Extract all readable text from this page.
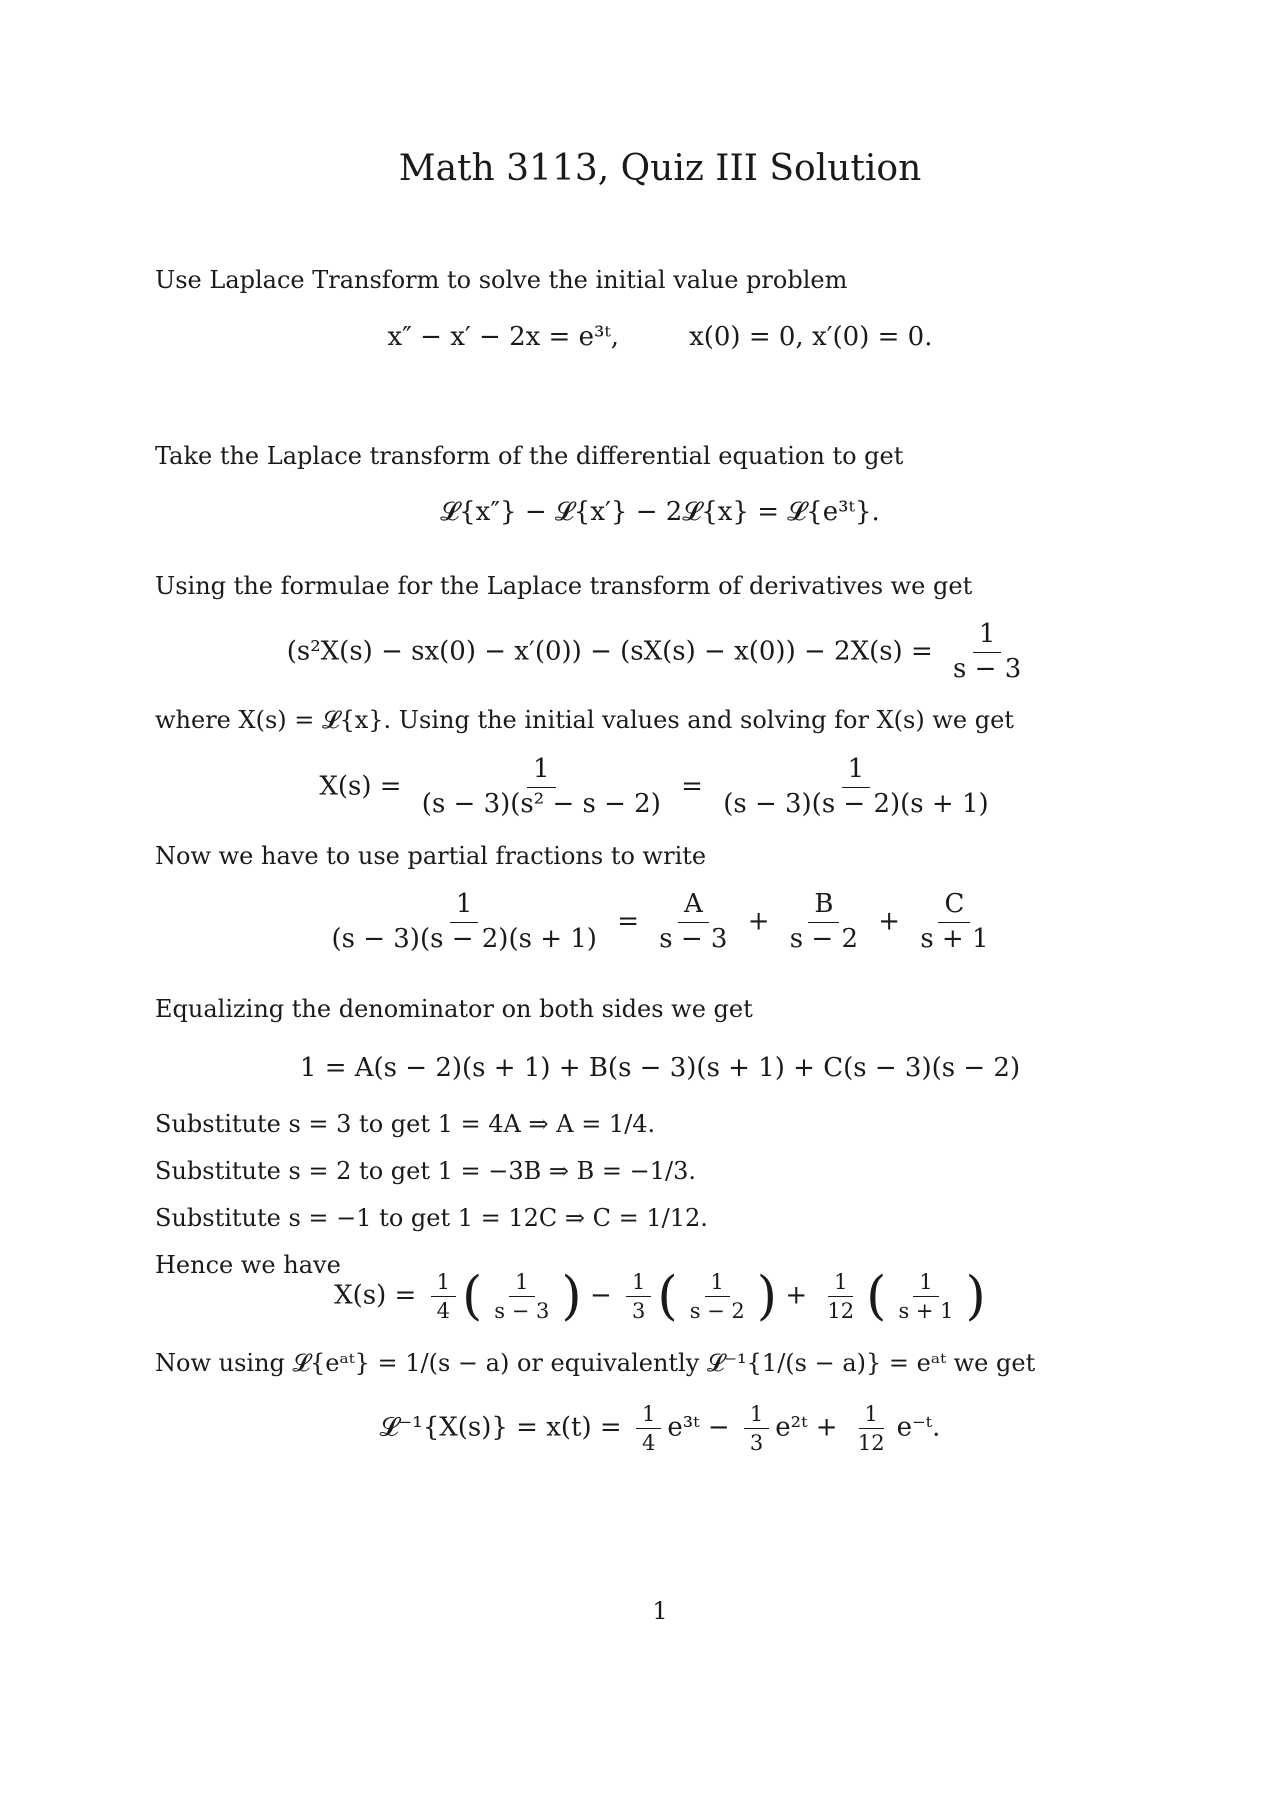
Math 3113, Quiz III Solution
Use Laplace Transform to solve the initial value problem
x″ − x′ − 2x = e³ᵗ,	x(0) = 0, x′(0) = 0.
Take the Laplace transform of the differential equation to get
𝓛{x″} − 𝓛{x′} − 2𝓛{x} = 𝓛{e³ᵗ}.
Using the formulae for the Laplace transform of derivatives we get
$(s^2X(s) - sx(0) - x'(0)) - (sX(s) - x(0)) - 2X(s) = \frac{1}{s - 3}$
where X(s) = 𝓛{x}. Using the initial values and solving for X(s) we get
$X(s) = \frac{1}{\text{(s − 3)(s² − s − 2)}} = \frac{1}{(s - 3)(s - 2)(s + 1)}$
Now we have to use partial fractions to write
$\frac{1}{(s - 3)(s - 2)(s + 1)} = \frac{A}{s - 3} + \frac{B}{s - 2} + \frac{C}{s + 1}$
Equalizing the denominator on both sides we get
1 = A(s − 2)(s + 1) + B(s − 3)(s + 1) + C(s − 3)(s − 2)
Substitute s = 3 to get 1 = 4A ⇒ A = 1/4.
Substitute s = 2 to get 1 = −3B ⇒ B = −1/3.
Substitute s = −1 to get 1 = 12C ⇒ C = 1/12.
Hence we have
$X(s) = \frac{1}{4}$ ( $\frac{1}{s - 3}$ ) − $\frac{1}{3}$ ( $\frac{1}{s - 2}$ ) + $\frac{1}{12}$ ( $\frac{1}{s + 1}$ )
Now using 𝓛{eᵃᵗ} = 1/(s − a) or equivalently 𝓛⁻¹{1/(s − a)} = eᵃᵗ we get
𝓛⁻¹{X(s)} = $x(t) = \frac{1}{4}$ e³ᵗ − $\frac{1}{3}$ e²ᵗ + $\frac{1}{12}$ e⁻ᵗ.
1
